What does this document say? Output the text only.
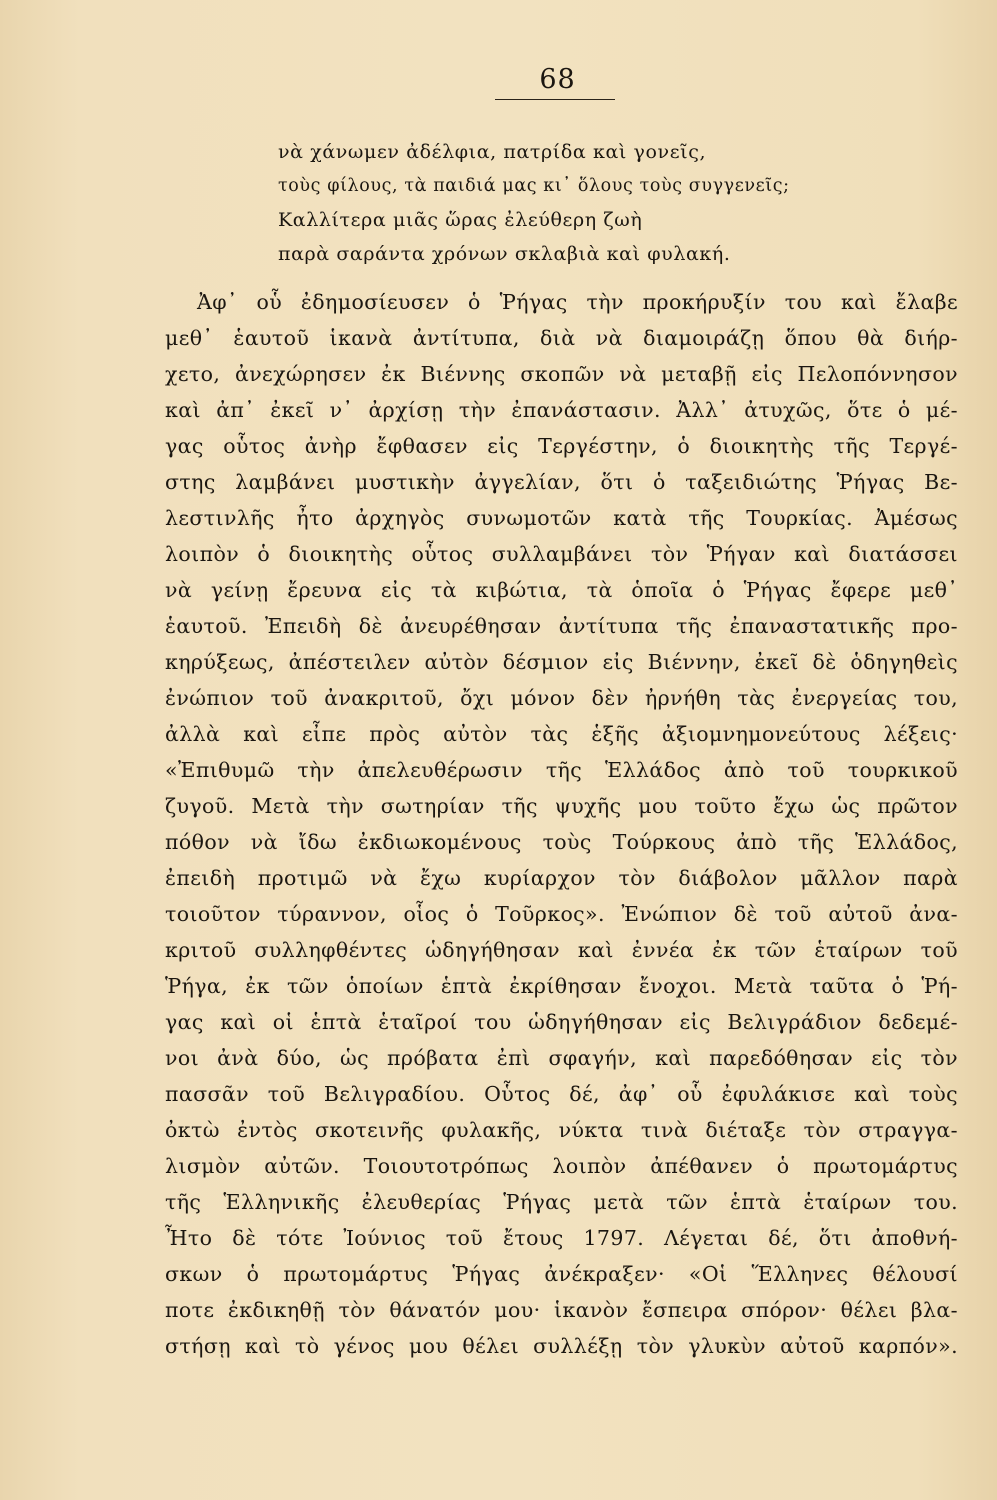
68
νὰ χάνωμεν ἀδέλφια, πατρίδα καὶ γονεῖς,
τοὺς φίλους, τὰ παιδιά μας κι᾽ ὅλους τοὺς συγγενεῖς;
Καλλίτερα μιᾶς ὥρας ἐλεύθερη ζωὴ
παρὰ σαράντα χρόνων σκλαβιὰ καὶ φυλακή.
Ἀφ᾽ οὗ ἐδημοσίευσεν ὁ Ῥήγας τὴν προκήρυξίν του καὶ ἔλαβε
μεθ᾽ ἑαυτοῦ ἱκανὰ ἀντίτυπα, διὰ νὰ διαμοιράζῃ ὅπου θὰ διήρ-
χετο, ἀνεχώρησεν ἐκ Βιέννης σκοπῶν νὰ μεταβῇ εἰς Πελοπόννησον
καὶ ἀπ᾽ ἐκεῖ ν᾽ ἀρχίσῃ τὴν ἐπανάστασιν. Ἀλλ᾽ ἀτυχῶς, ὅτε ὁ μέ-
γας οὗτος ἀνὴρ ἔφθασεν εἰς Τεργέστην, ὁ διοικητὴς τῆς Τεργέ-
στης λαμβάνει μυστικὴν ἀγγελίαν, ὅτι ὁ ταξειδιώτης Ῥήγας Βε-
λεστινλῆς ἦτο ἀρχηγὸς συνωμοτῶν κατὰ τῆς Τουρκίας. Ἀμέσως
λοιπὸν ὁ διοικητὴς οὗτος συλλαμβάνει τὸν Ῥήγαν καὶ διατάσσει
νὰ γείνῃ ἔρευνα εἰς τὰ κιβώτια, τὰ ὁποῖα ὁ Ῥήγας ἔφερε μεθ᾽
ἑαυτοῦ. Ἐπειδὴ δὲ ἀνευρέθησαν ἀντίτυπα τῆς ἐπαναστατικῆς προ-
κηρύξεως, ἀπέστειλεν αὐτὸν δέσμιον εἰς Βιέννην, ἐκεῖ δὲ ὁδηγηθεὶς
ἐνώπιον τοῦ ἀνακριτοῦ, ὄχι μόνον δὲν ἠρνήθη τὰς ἐνεργείας του,
ἀλλὰ καὶ εἶπε πρὸς αὐτὸν τὰς ἑξῆς ἀξιομνημονεύτους λέξεις·
«Ἐπιθυμῶ τὴν ἀπελευθέρωσιν τῆς Ἑλλάδος ἀπὸ τοῦ τουρκικοῦ
ζυγοῦ. Μετὰ τὴν σωτηρίαν τῆς ψυχῆς μου τοῦτο ἔχω ὡς πρῶτον
πόθον νὰ ἴδω ἐκδιωκομένους τοὺς Τούρκους ἀπὸ τῆς Ἑλλάδος,
ἐπειδὴ προτιμῶ νὰ ἔχω κυρίαρχον τὸν διάβολον μᾶλλον παρὰ
τοιοῦτον τύραννον, οἷος ὁ Τοῦρκος». Ἐνώπιον δὲ τοῦ αὐτοῦ ἀνα-
κριτοῦ συλληφθέντες ὡδηγήθησαν καὶ ἐννέα ἐκ τῶν ἑταίρων τοῦ
Ῥήγα, ἐκ τῶν ὁποίων ἑπτὰ ἐκρίθησαν ἔνοχοι. Μετὰ ταῦτα ὁ Ῥή-
γας καὶ οἱ ἑπτὰ ἑταῖροί του ὡδηγήθησαν εἰς Βελιγράδιον δεδεμέ-
νοι ἀνὰ δύο, ὡς πρόβατα ἐπὶ σφαγήν, καὶ παρεδόθησαν εἰς τὸν
πασσᾶν τοῦ Βελιγραδίου. Οὗτος δέ, ἀφ᾽ οὗ ἐφυλάκισε καὶ τοὺς
ὀκτὼ ἐντὸς σκοτεινῆς φυλακῆς, νύκτα τινὰ διέταξε τὸν στραγγα-
λισμὸν αὐτῶν. Τοιουτοτρόπως λοιπὸν ἀπέθανεν ὁ πρωτομάρτυς
τῆς Ἑλληνικῆς ἐλευθερίας Ῥήγας μετὰ τῶν ἑπτὰ ἑταίρων του.
Ἦτο δὲ τότε Ἰούνιος τοῦ ἔτους 1797. Λέγεται δέ, ὅτι ἀποθνή-
σκων ὁ πρωτομάρτυς Ῥήγας ἀνέκραξεν· «Οἱ Ἕλληνες θέλουσί
ποτε ἐκδικηθῇ τὸν θάνατόν μου· ἱκανὸν ἔσπειρα σπόρον· θέλει βλα-
στήσῃ καὶ τὸ γένος μου θέλει συλλέξῃ τὸν γλυκὺν αὐτοῦ καρπόν».
